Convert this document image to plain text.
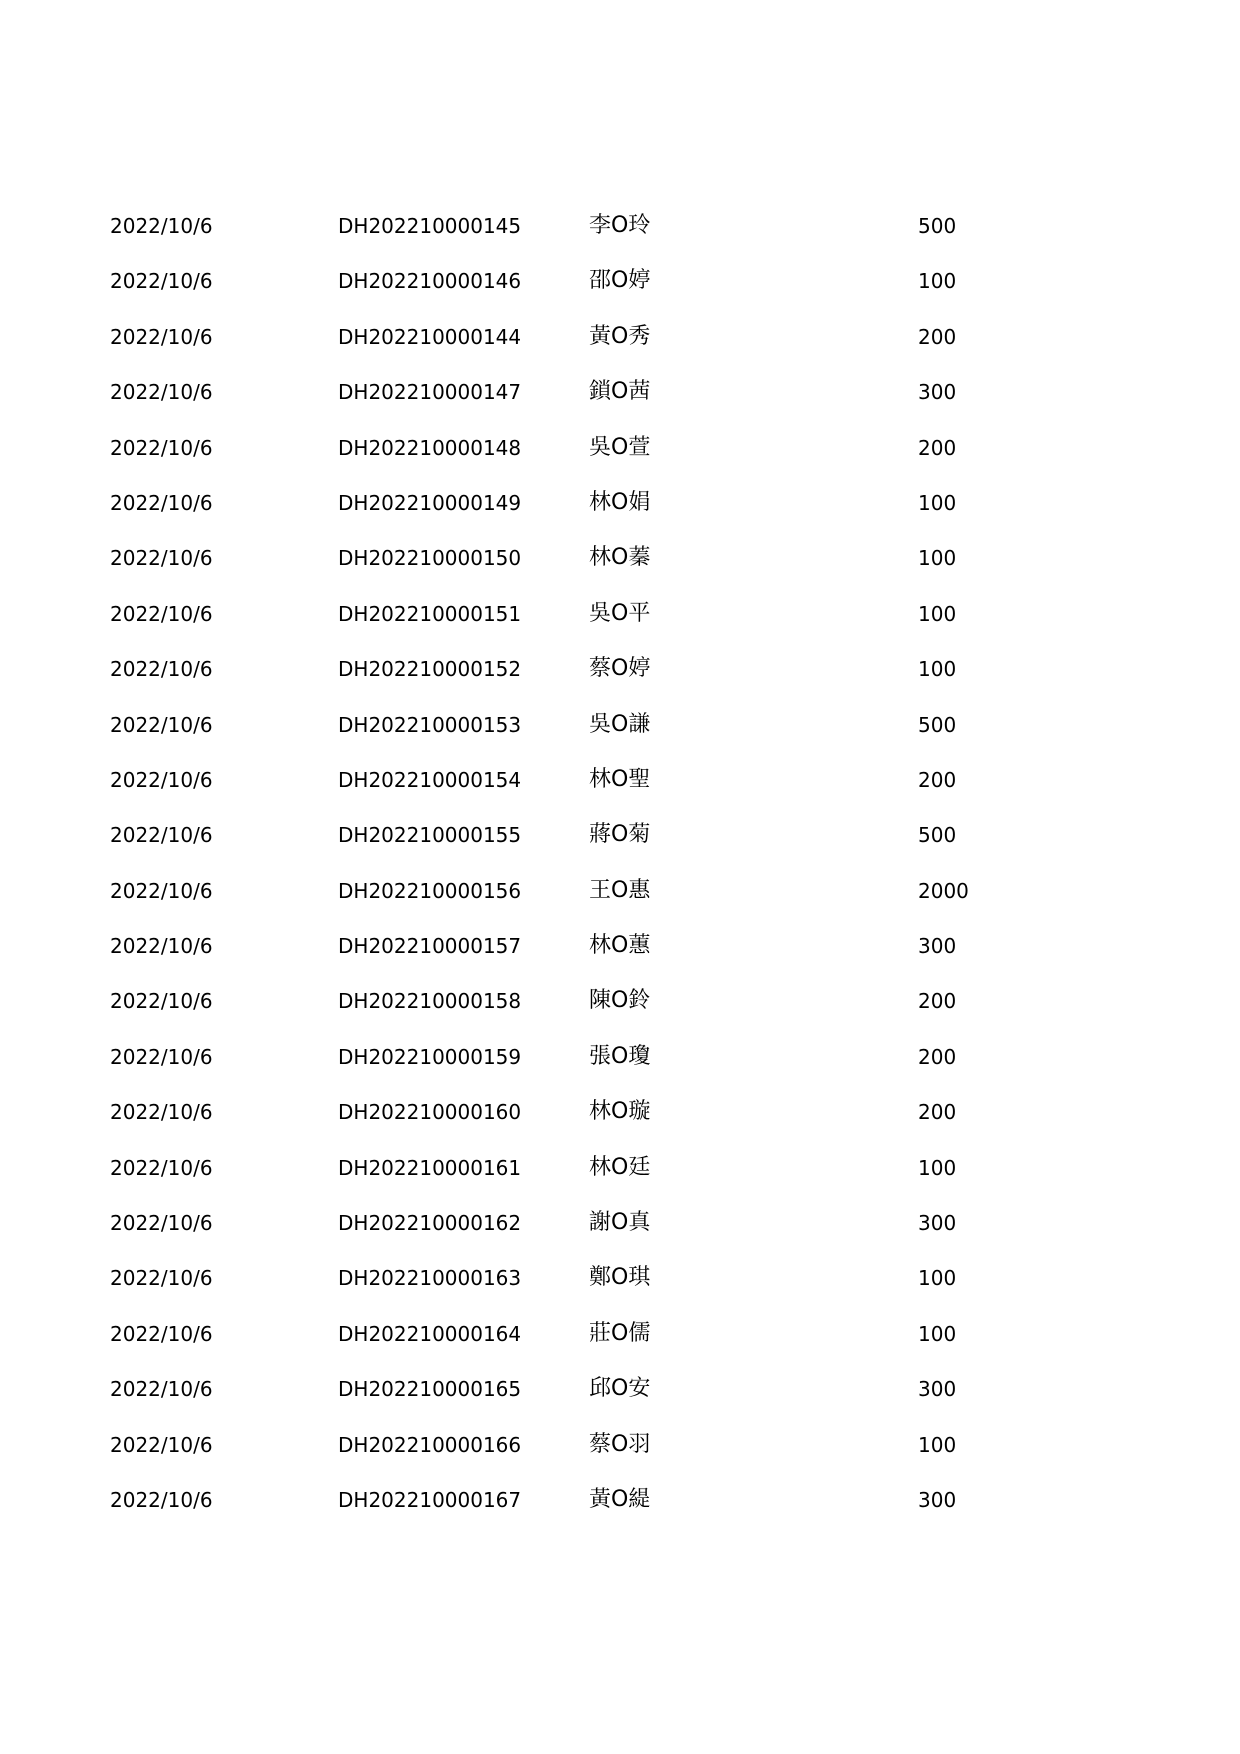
2022/10/6	DH202210000145	李O玲	500
2022/10/6	DH202210000146	邵O婷	100
2022/10/6	DH202210000144	黃O秀	200
2022/10/6	DH202210000147	鎖O茜	300
2022/10/6	DH202210000148	吳O萱	200
2022/10/6	DH202210000149	林O娟	100
2022/10/6	DH202210000150	林O蓁	100
2022/10/6	DH202210000151	吳O平	100
2022/10/6	DH202210000152	蔡O婷	100
2022/10/6	DH202210000153	吳O謙	500
2022/10/6	DH202210000154	林O聖	200
2022/10/6	DH202210000155	蔣O菊	500
2022/10/6	DH202210000156	王O惠	2000
2022/10/6	DH202210000157	林O蕙	300
2022/10/6	DH202210000158	陳O鈴	200
2022/10/6	DH202210000159	張O瓊	200
2022/10/6	DH202210000160	林O璇	200
2022/10/6	DH202210000161	林O廷	100
2022/10/6	DH202210000162	謝O真	300
2022/10/6	DH202210000163	鄭O琪	100
2022/10/6	DH202210000164	莊O儒	100
2022/10/6	DH202210000165	邱O安	300
2022/10/6	DH202210000166	蔡O羽	100
2022/10/6	DH202210000167	黃O緹	300
